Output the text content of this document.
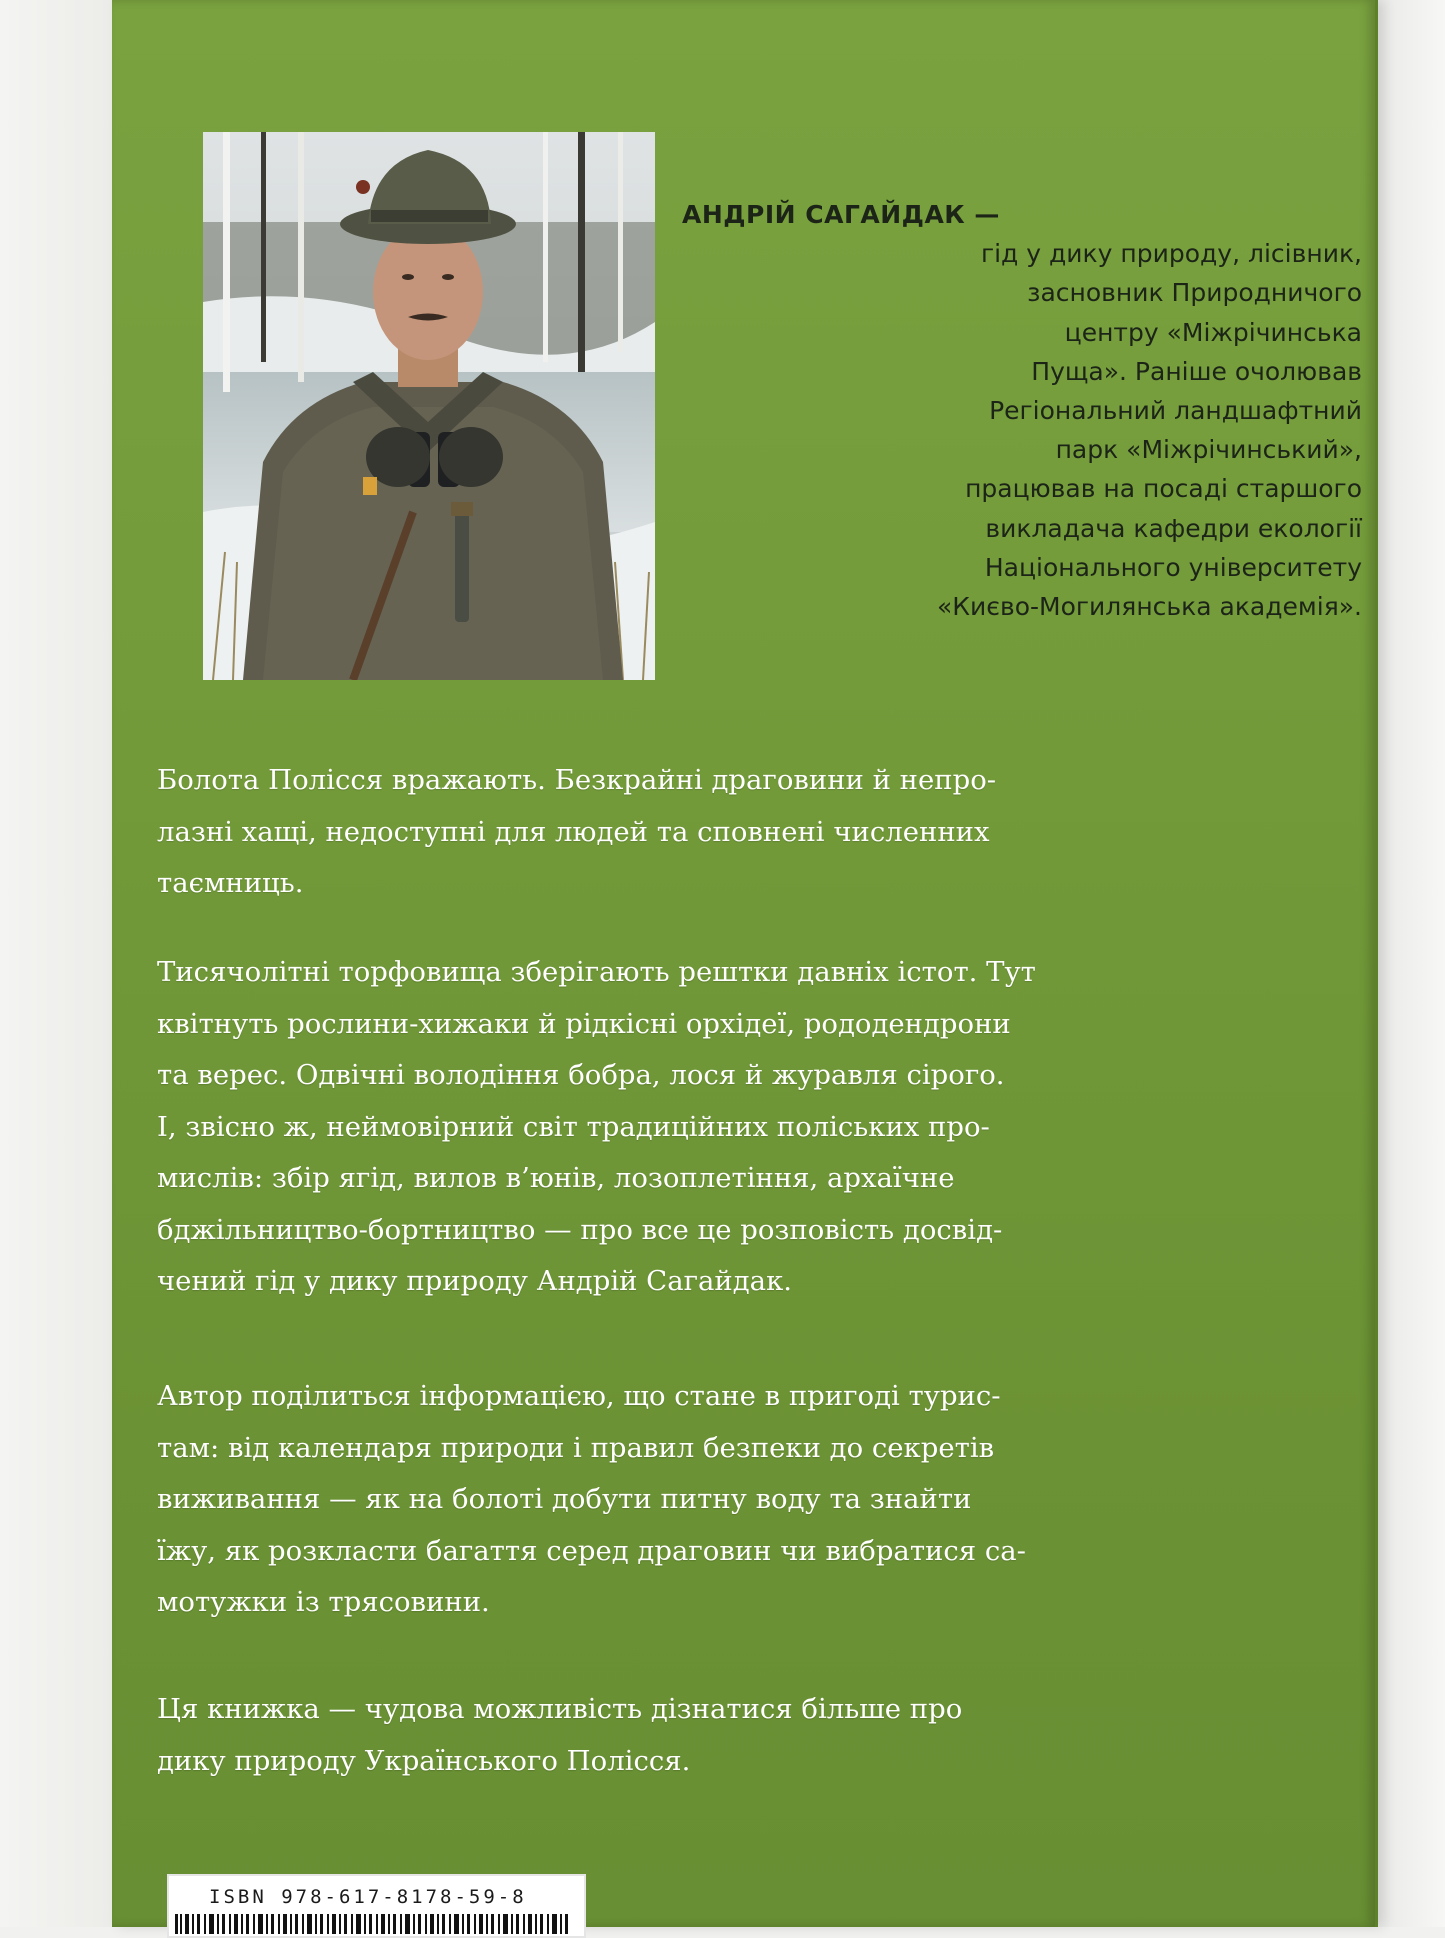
АНДРІЙ САГАЙДАК —
гід у дику природу, лісівник,
засновник Природничого
центру «Міжрічинська
Пуща». Раніше очолював
Регіональний ландшафтний
парк «Міжрічинський»,
працював на посаді старшого
викладача кафедри екології
Національного університету
«Києво-Могилянська академія».
Болота Полісся вражають. Безкрайні драговини й непро-
лазні хащі, недоступні для людей та сповнені численних
таємниць.
Тисячолітні торфовища зберігають рештки давніх істот. Тут
квітнуть рослини-хижаки й рідкісні орхідеї, рододендрони
та верес. Одвічні володіння бобра, лося й журавля сірого.
І, звісно ж, неймовірний світ традиційних поліських про-
мислів: збір ягід, вилов в’юнів, лозоплетіння, архаїчне
бджільництво-бортництво — про все це розповість досвід-
чений гід у дику природу Андрій Сагайдак.
Автор поділиться інформацією, що стане в пригоді турис-
там: від календаря природи і правил безпеки до секретів
виживання — як на болоті добути питну воду та знайти
їжу, як розкласти багаття серед драговин чи вибратися са-
мотужки із трясовини.
Ця книжка — чудова можливість дізнатися більше про
дику природу Українського Полісся.
ISBN 978-617-8178-59-8
